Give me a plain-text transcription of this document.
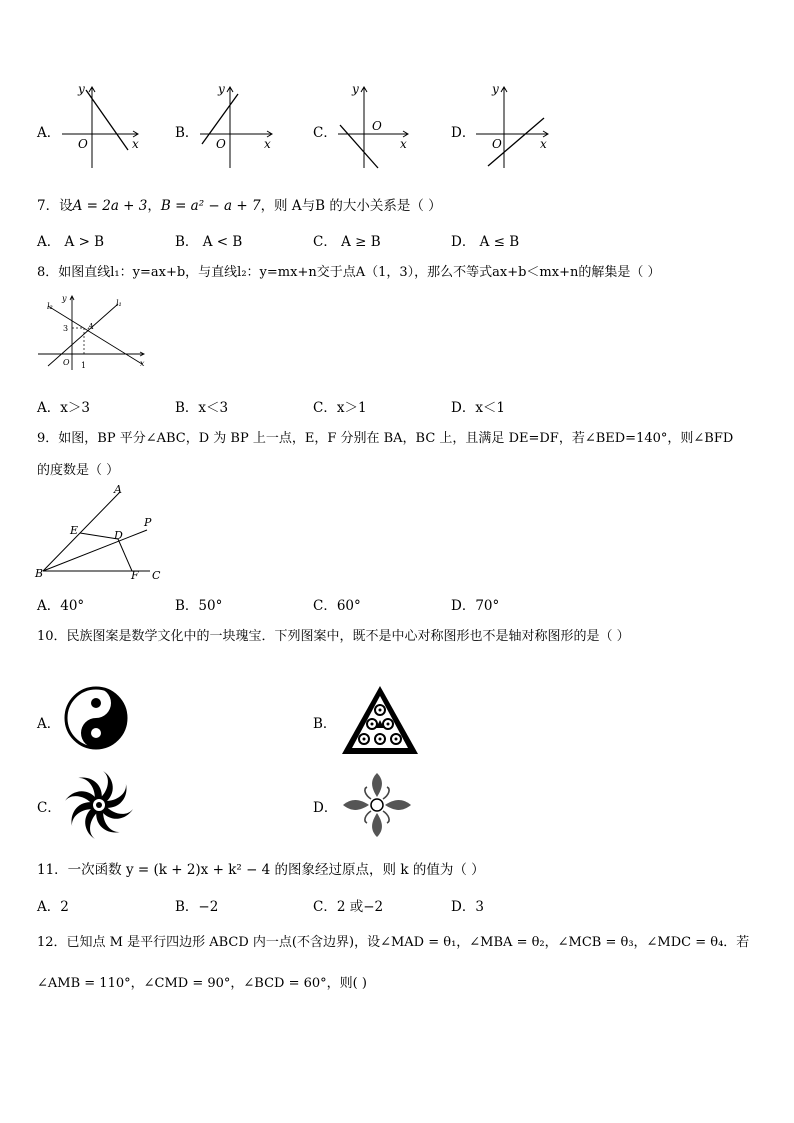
A．
y
x
O
B．
y
x
O
C．
y
x
O	D．
y
x
O
7．设A = 2a + 3，B = a² − a + 7，则 A与B 的大小关系是（ ）
A． A > B	B． A < B	C． A ≥ B	D． A ≤ B
8．如图直线l₁：y=ax+b，与直线l₂：y=mx+n交于点A（1，3），那么不等式ax+b＜mx+n的解集是（ ）
l₂	l₁
y
x
O
3
1
A
A．x＞3	B．x＜3	C．x＞1	D．x＜1
9．如图，BP 平分∠ABC，D 为 BP 上一点，E，F 分别在 BA，BC 上，且满足 DE=DF，若∠BED=140°，则∠BFD
的度数是（ ）
A
P
E	D
B	F C
A．40°	B．50°	C．60°	D．70°
10．民族图案是数学文化中的一块瑰宝．下列图案中，既不是中心对称图形也不是轴对称图形的是（ ）
A．	B．
C．	D．
11．一次函数 y = (k + 2)x + k² − 4 的图象经过原点，则 k 的值为（ ）
A．2	B．−2	C．2 或−2	D．3
12．已知点 M 是平行四边形 ABCD 内一点(不含边界)，设∠MAD = θ₁，∠MBA = θ₂，∠MCB = θ₃，∠MDC = θ₄．若
∠AMB = 110°，∠CMD = 90°，∠BCD = 60°，则( )
